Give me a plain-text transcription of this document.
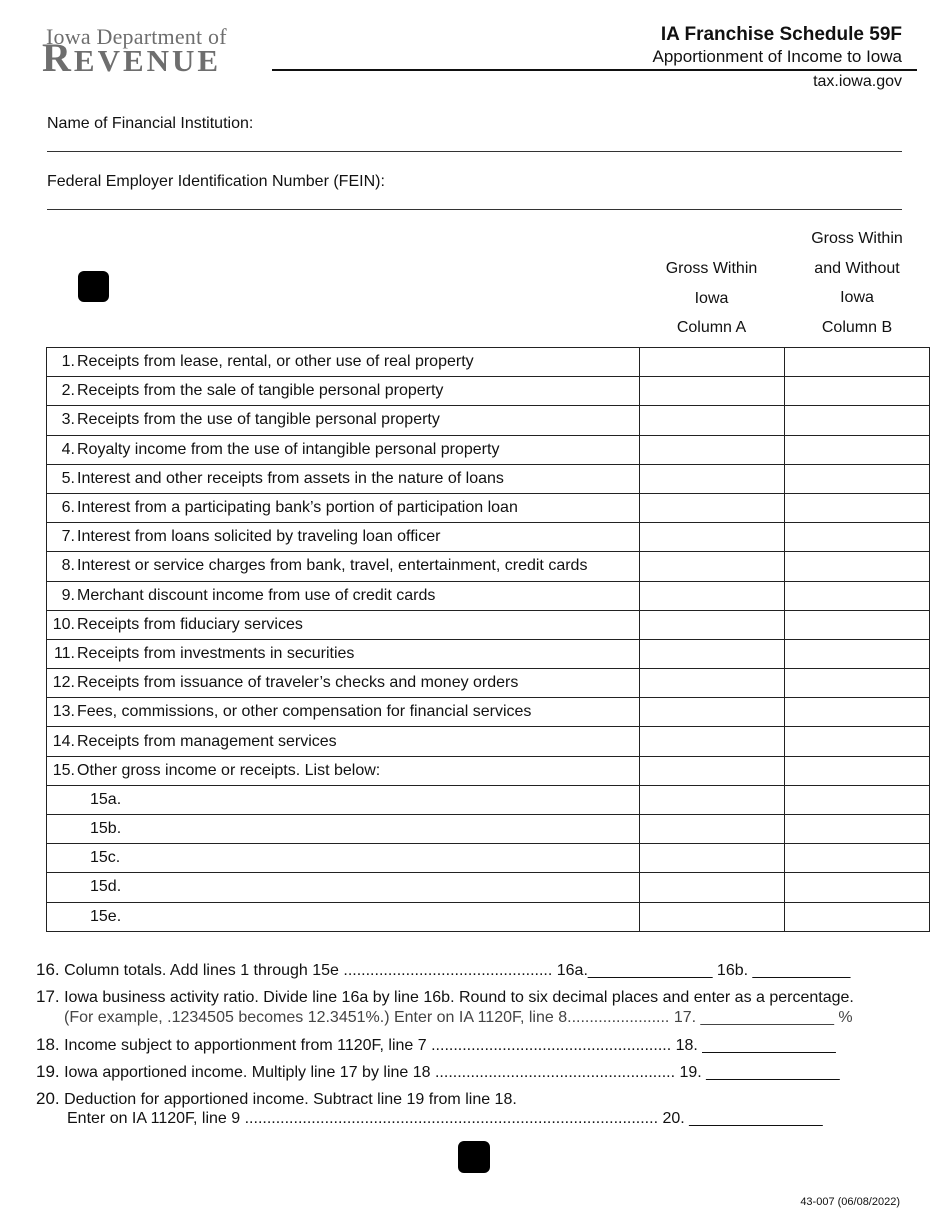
Iowa Department of
REVENUE
IA Franchise Schedule 59F
Apportionment of Income to Iowa
tax.iowa.gov
Name of Financial Institution:
Federal Employer Identification Number (FEIN):
Gross Within
Iowa
Column A
Gross Within
and Without
Iowa
Column B
1. Receipts from lease, rental, or other use of real property		
2. Receipts from the sale of tangible personal property		
3. Receipts from the use of tangible personal property		
4. Royalty income from the use of intangible personal property		
5. Interest and other receipts from assets in the nature of loans		
6. Interest from a participating bank’s portion of participation loan		
7. Interest from loans solicited by traveling loan officer		
8. Interest or service charges from bank, travel, entertainment, credit cards		
9. Merchant discount income from use of credit cards		
10. Receipts from fiduciary services		
11. Receipts from investments in securities		
12. Receipts from issuance of traveler’s checks and money orders		
13. Fees, commissions, or other compensation for financial services		
14. Receipts from management services		
15. Other gross income or receipts. List below:		
15a.		
15b.		
15c.		
15d.		
15e.		
16. Column totals. Add lines 1 through 15e ............................................... 16a.______________ 16b. ___________
17. Iowa business activity ratio. Divide line 16a by line 16b. Round to six decimal places and enter as a percentage.
(For example, .1234505 becomes 12.3451%.) Enter on IA 1120F, line 8....................... 17. _______________ %
18. Income subject to apportionment from 1120F, line 7 ...................................................... 18. _______________
19. Iowa apportioned income. Multiply line 17 by line 18 ...................................................... 19. _______________
20. Deduction for apportioned income. Subtract line 19 from line 18.
Enter on IA 1120F, line 9 ............................................................................................. 20. _______________
43-007 (06/08/2022)
